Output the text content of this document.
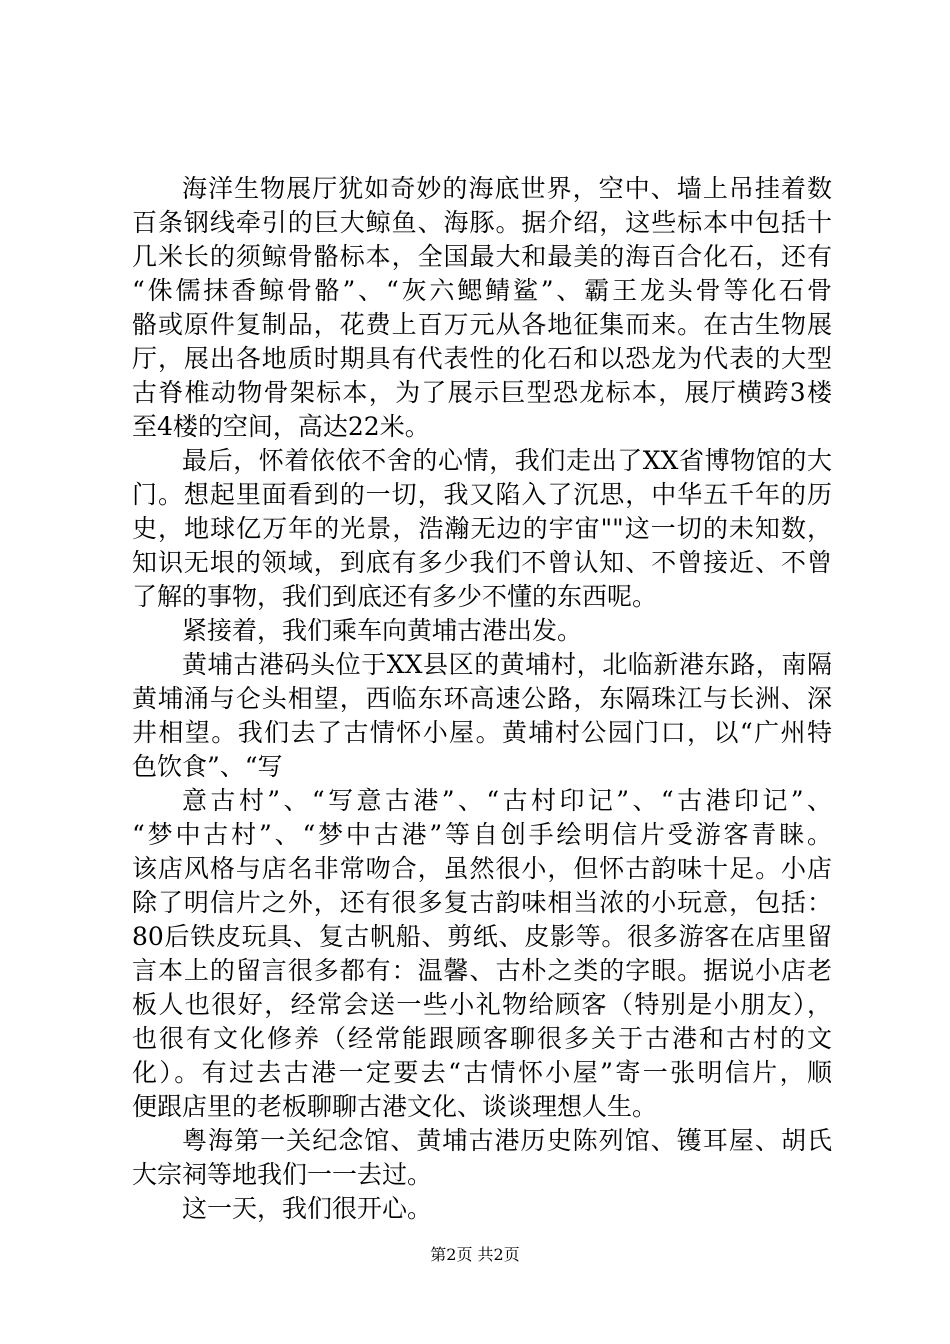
海洋生物展厅犹如奇妙的海底世界，空中、墙上吊挂着数
百条钢线牵引的巨大鲸鱼、海豚。据介绍，这些标本中包括十
几米长的须鲸骨骼标本，全国最大和最美的海百合化石，还有
“侏儒抹香鲸骨骼”、“灰六鳃鲭鲨”、霸王龙头骨等化石骨
骼或原件复制品，花费上百万元从各地征集而来。在古生物展
厅，展出各地质时期具有代表性的化石和以恐龙为代表的大型
古脊椎动物骨架标本，为了展示巨型恐龙标本，展厅横跨3楼
至4楼的空间，高达22米。
最后，怀着依依不舍的心情，我们走出了XX省博物馆的大
门。想起里面看到的一切，我又陷入了沉思，中华五千年的历
史，地球亿万年的光景，浩瀚无边的宇宙""这一切的未知数，
知识无垠的领域，到底有多少我们不曾认知、不曾接近、不曾
了解的事物，我们到底还有多少不懂的东西呢。
紧接着，我们乘车向黄埔古港出发。
黄埔古港码头位于XX县区的黄埔村，北临新港东路，南隔
黄埔涌与仑头相望，西临东环高速公路，东隔珠江与长洲、深
井相望。我们去了古情怀小屋。黄埔村公园门口，以“广州特
色饮食”、“写
意古村”、“写意古港”、“古村印记”、“古港印记”、
“梦中古村”、“梦中古港”等自创手绘明信片受游客青睐。
该店风格与店名非常吻合，虽然很小，但怀古韵味十足。小店
除了明信片之外，还有很多复古韵味相当浓的小玩意，包括：
80后铁皮玩具、复古帆船、剪纸、皮影等。很多游客在店里留
言本上的留言很多都有：温馨、古朴之类的字眼。据说小店老
板人也很好，经常会送一些小礼物给顾客（特别是小朋友），
也很有文化修养（经常能跟顾客聊很多关于古港和古村的文
化）。有过去古港一定要去“古情怀小屋”寄一张明信片，顺
便跟店里的老板聊聊古港文化、谈谈理想人生。
粤海第一关纪念馆、黄埔古港历史陈列馆、镬耳屋、胡氏
大宗祠等地我们一一去过。
这一天，我们很开心。
第2页 共2页
